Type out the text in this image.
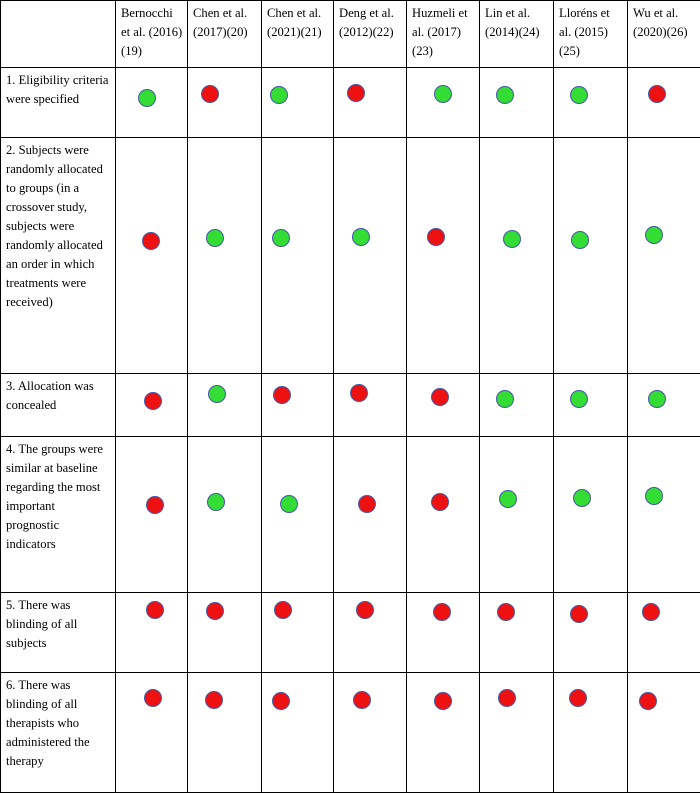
	Bernocchi et al. (2016)(19)	Chen et al. (2017)(20)	Chen et al. (2021)(21)	Deng et al. (2012)(22)	Huzmeli et al. (2017)(23)	Lin et al. (2014)(24)	Lloréns et al. (2015)(25)	Wu et al. (2020)(26)

1. Eligibility criteria were specified								

2. Subjects were randomly allocated to groups (in a crossover study, subjects were randomly allocated an order in which treatments were received)								

3. Allocation was concealed								

4. The groups were similar at baseline regarding the most important prognostic indicators								

5. There was blinding of all subjects								

6. There was blinding of all therapists who administered the therapy								
